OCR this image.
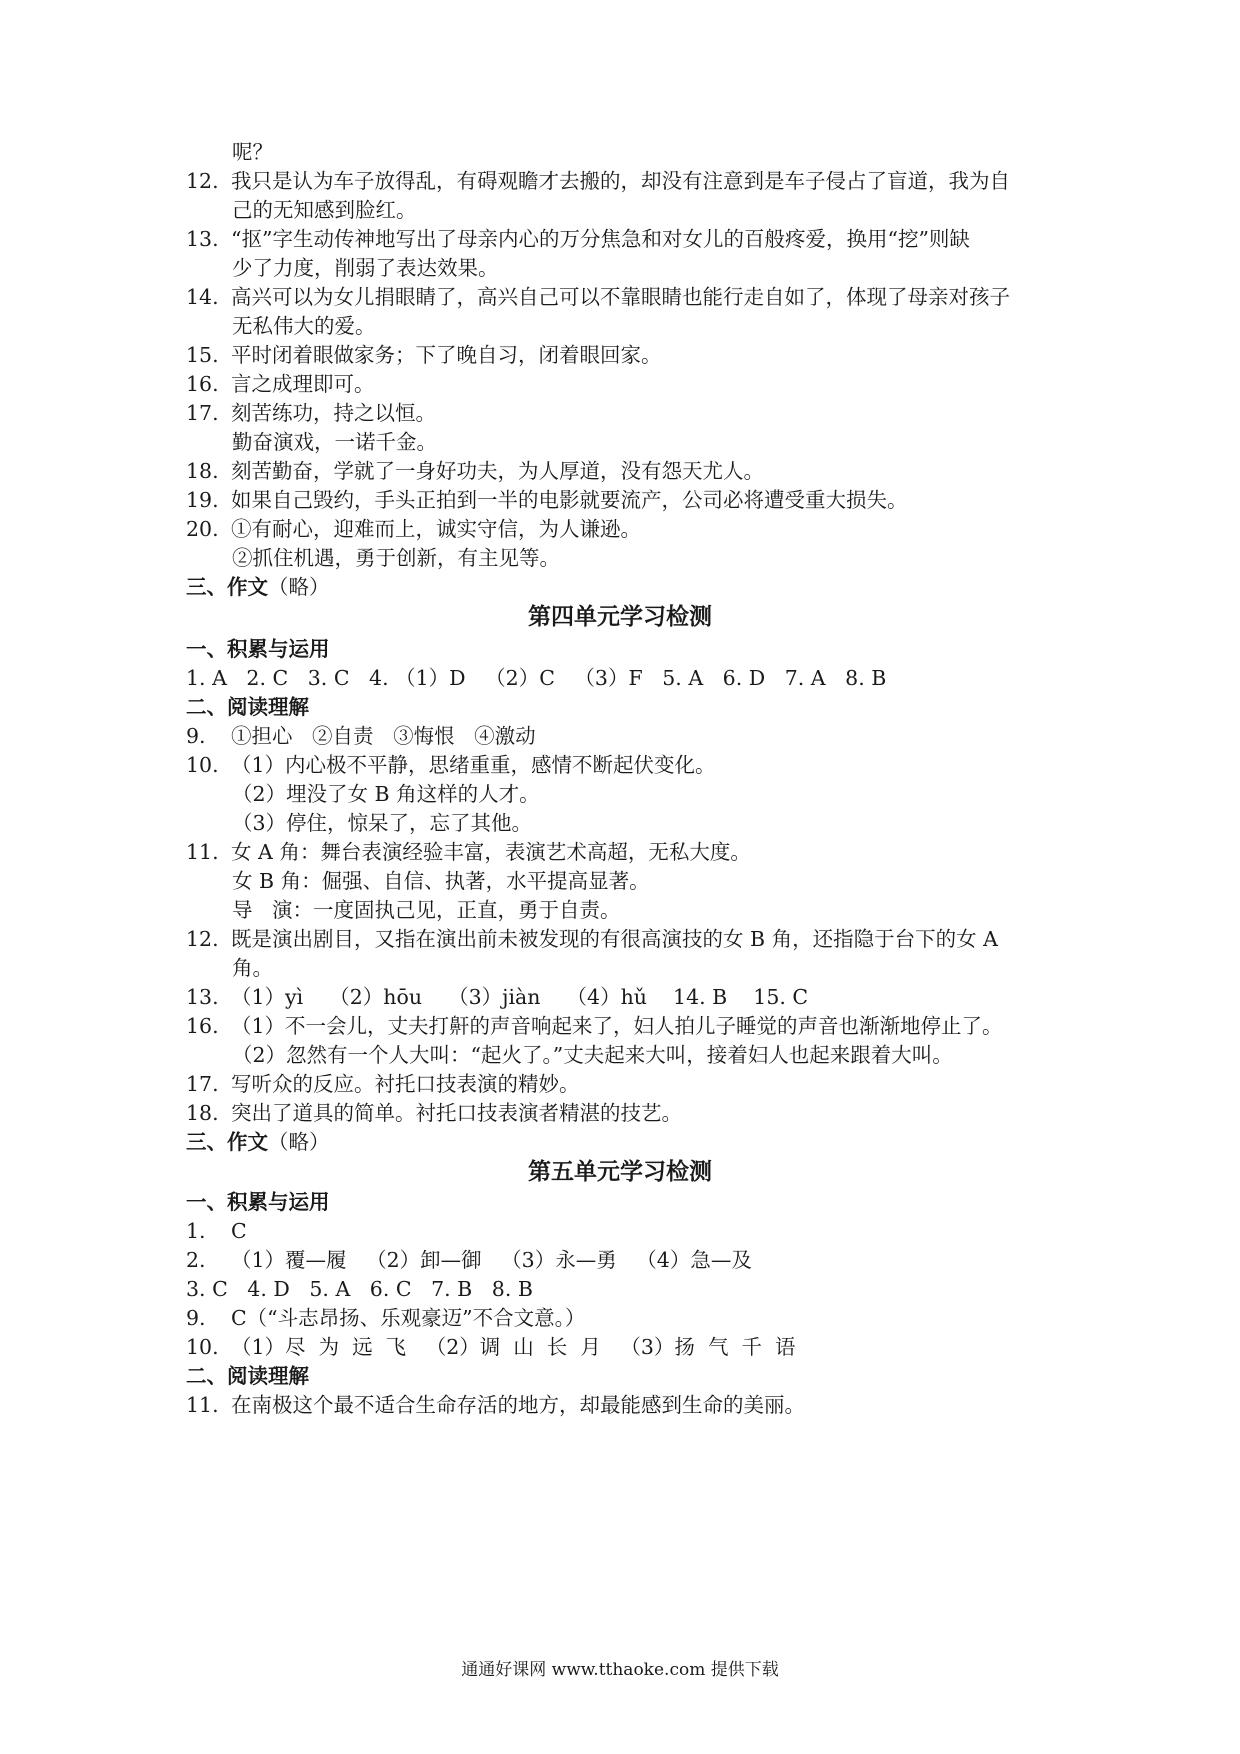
呢？
12. 我只是认为车子放得乱，有碍观瞻才去搬的，却没有注意到是车子侵占了盲道，我为自
己的无知感到脸红。
13. “抠”字生动传神地写出了母亲内心的万分焦急和对女儿的百般疼爱，换用“挖”则缺
少了力度，削弱了表达效果。
14. 高兴可以为女儿捐眼睛了，高兴自己可以不靠眼睛也能行走自如了，体现了母亲对孩子
无私伟大的爱。
15. 平时闭着眼做家务；下了晚自习，闭着眼回家。
16. 言之成理即可。
17. 刻苦练功，持之以恒。
勤奋演戏，一诺千金。
18. 刻苦勤奋，学就了一身好功夫，为人厚道，没有怨天尤人。
19. 如果自己毁约，手头正拍到一半的电影就要流产，公司必将遭受重大损失。
20. ①有耐心，迎难而上，诚实守信，为人谦逊。
②抓住机遇，勇于创新，有主见等。
三、作文（略）
第四单元学习检测
一、积累与运用
1. A   2. C   3. C   4. （1）D   （2）C   （3）F   5. A   6. D   7. A   8. B
二、阅读理解
9. ①担心   ②自责   ③悔恨   ④激动
10. （1）内心极不平静，思绪重重，感情不断起伏变化。
（2）埋没了女 B 角这样的人才。
（3）停住，惊呆了，忘了其他。
11. 女 A 角：舞台表演经验丰富，表演艺术高超，无私大度。
女 B 角：倔强、自信、执著，水平提高显著。
导   演：一度固执己见，正直，勇于自责。
12. 既是演出剧目，又指在演出前未被发现的有很高演技的女 B 角，还指隐于台下的女 A
角。
13. （1）yì    （2）hōu    （3）jiàn    （4）hǔ    14. B    15. C
16. （1）不一会儿，丈夫打鼾的声音响起来了，妇人拍儿子睡觉的声音也渐渐地停止了。
（2）忽然有一个人大叫：“起火了。”丈夫起来大叫，接着妇人也起来跟着大叫。
17. 写听众的反应。衬托口技表演的精妙。
18. 突出了道具的简单。衬托口技表演者精湛的技艺。
三、作文（略）
第五单元学习检测
一、积累与运用
1. C
2. （1）覆—履   （2）卸—御   （3）永—勇   （4）急—及
3. C   4. D   5. A   6. C   7. B   8. B
9. C（“斗志昂扬、乐观豪迈”不合文意。）
10. （1）尽  为  远  飞   （2）调  山  长  月   （3）扬  气  千  语
二、阅读理解
11. 在南极这个最不适合生命存活的地方，却最能感到生命的美丽。
通通好课网 www.tthaoke.com 提供下载
